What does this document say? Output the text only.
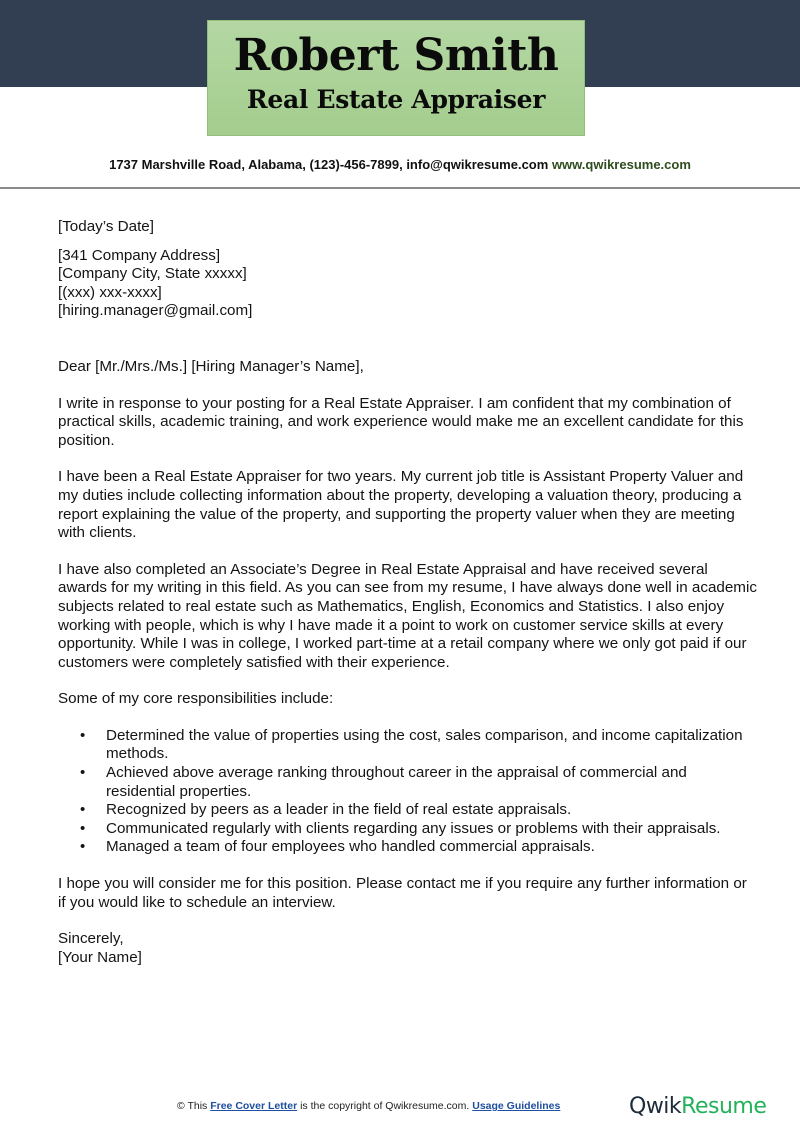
Robert Smith
Real Estate Appraiser
1737 Marshville Road, Alabama, (123)-456-7899, info@qwikresume.com www.qwikresume.com

[Today’s Date]

[341 Company Address]

[Company City, State xxxxx]

[(xxx) xxx-xxxx]

[hiring.manager@gmail.com]

Dear [Mr./Mrs./Ms.] [Hiring Manager’s Name],

I write in response to your posting for a Real Estate Appraiser. I am confident that my combination of practical skills, academic training, and work experience would make me an excellent candidate for this position.

I have been a Real Estate Appraiser for two years. My current job title is Assistant Property Valuer and my duties include collecting information about the property, developing a valuation theory, producing a report explaining the value of the property, and supporting the property valuer when they are meeting with clients.

I have also completed an Associate’s Degree in Real Estate Appraisal and have received several awards for my writing in this field. As you can see from my resume, I have always done well in academic subjects related to real estate such as Mathematics, English, Economics and Statistics. I also enjoy working with people, which is why I have made it a point to work on customer service skills at every opportunity. While I was in college, I worked part-time at a retail company where we only got paid if our customers were completely satisfied with their experience.

Some of my core responsibilities include:

• Determined the value of properties using the cost, sales comparison, and income capitalization methods.
• Achieved above average ranking throughout career in the appraisal of commercial and residential properties.
• Recognized by peers as a leader in the field of real estate appraisals.
• Communicated regularly with clients regarding any issues or problems with their appraisals.
• Managed a team of four employees who handled commercial appraisals.

I hope you will consider me for this position. Please contact me if you require any further information or if you would like to schedule an interview.

Sincerely,

[Your Name]

© This Free Cover Letter is the copyright of Qwikresume.com. Usage Guidelines	QwikResume
